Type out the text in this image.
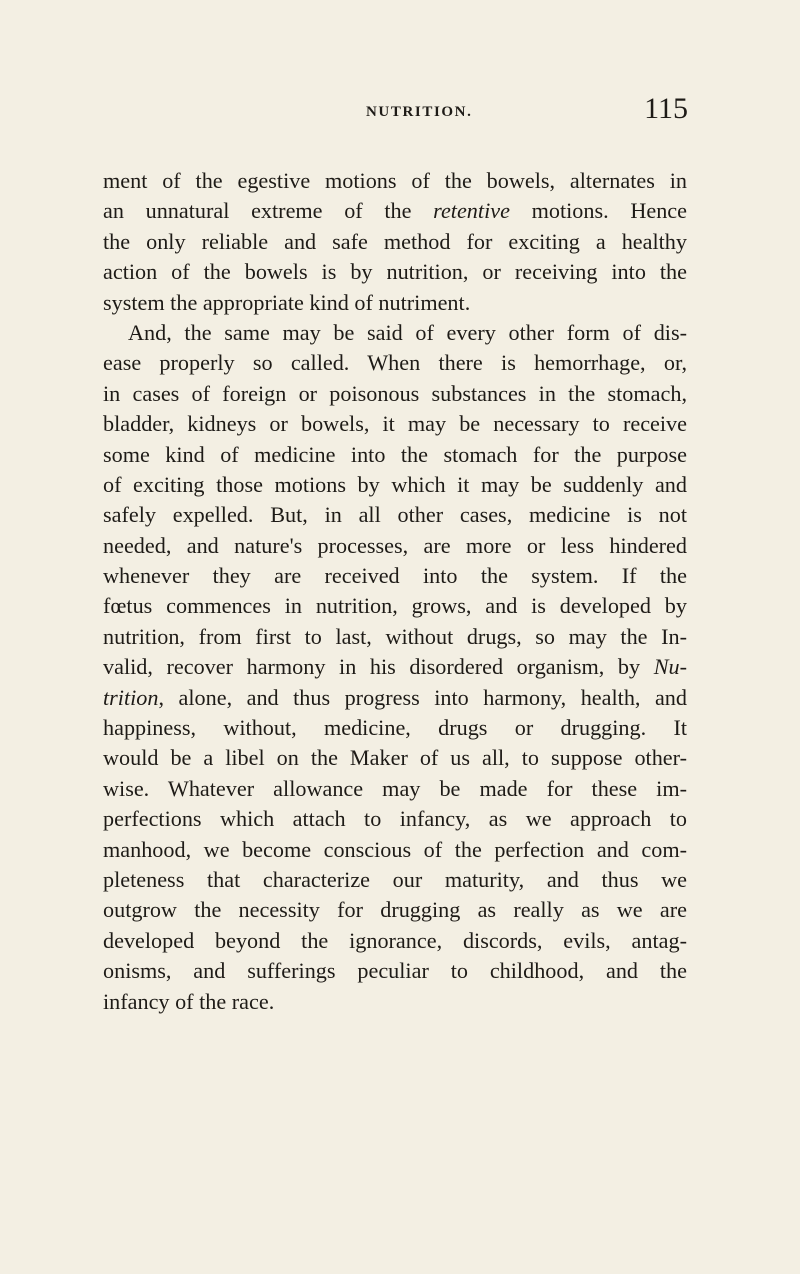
NUTRITION.	115
ment of the egestive motions of the bowels, alternates in
an unnatural extreme of the retentive motions. Hence
the only reliable and safe method for exciting a healthy
action of the bowels is by nutrition, or receiving into the
system the appropriate kind of nutriment.
And, the same may be said of every other form of dis-
ease properly so called. When there is hemorrhage, or,
in cases of foreign or poisonous substances in the stomach,
bladder, kidneys or bowels, it may be necessary to receive
some kind of medicine into the stomach for the purpose
of exciting those motions by which it may be suddenly and
safely expelled. But, in all other cases, medicine is not
needed, and nature's processes, are more or less hindered
whenever they are received into the system. If the
fœtus commences in nutrition, grows, and is developed by
nutrition, from first to last, without drugs, so may the In-
valid, recover harmony in his disordered organism, by Nu-
trition, alone, and thus progress into harmony, health, and
happiness, without, medicine, drugs or drugging. It
would be a libel on the Maker of us all, to suppose other-
wise. Whatever allowance may be made for these im-
perfections which attach to infancy, as we approach to
manhood, we become conscious of the perfection and com-
pleteness that characterize our maturity, and thus we
outgrow the necessity for drugging as really as we are
developed beyond the ignorance, discords, evils, antag-
onisms, and sufferings peculiar to childhood, and the
infancy of the race.
